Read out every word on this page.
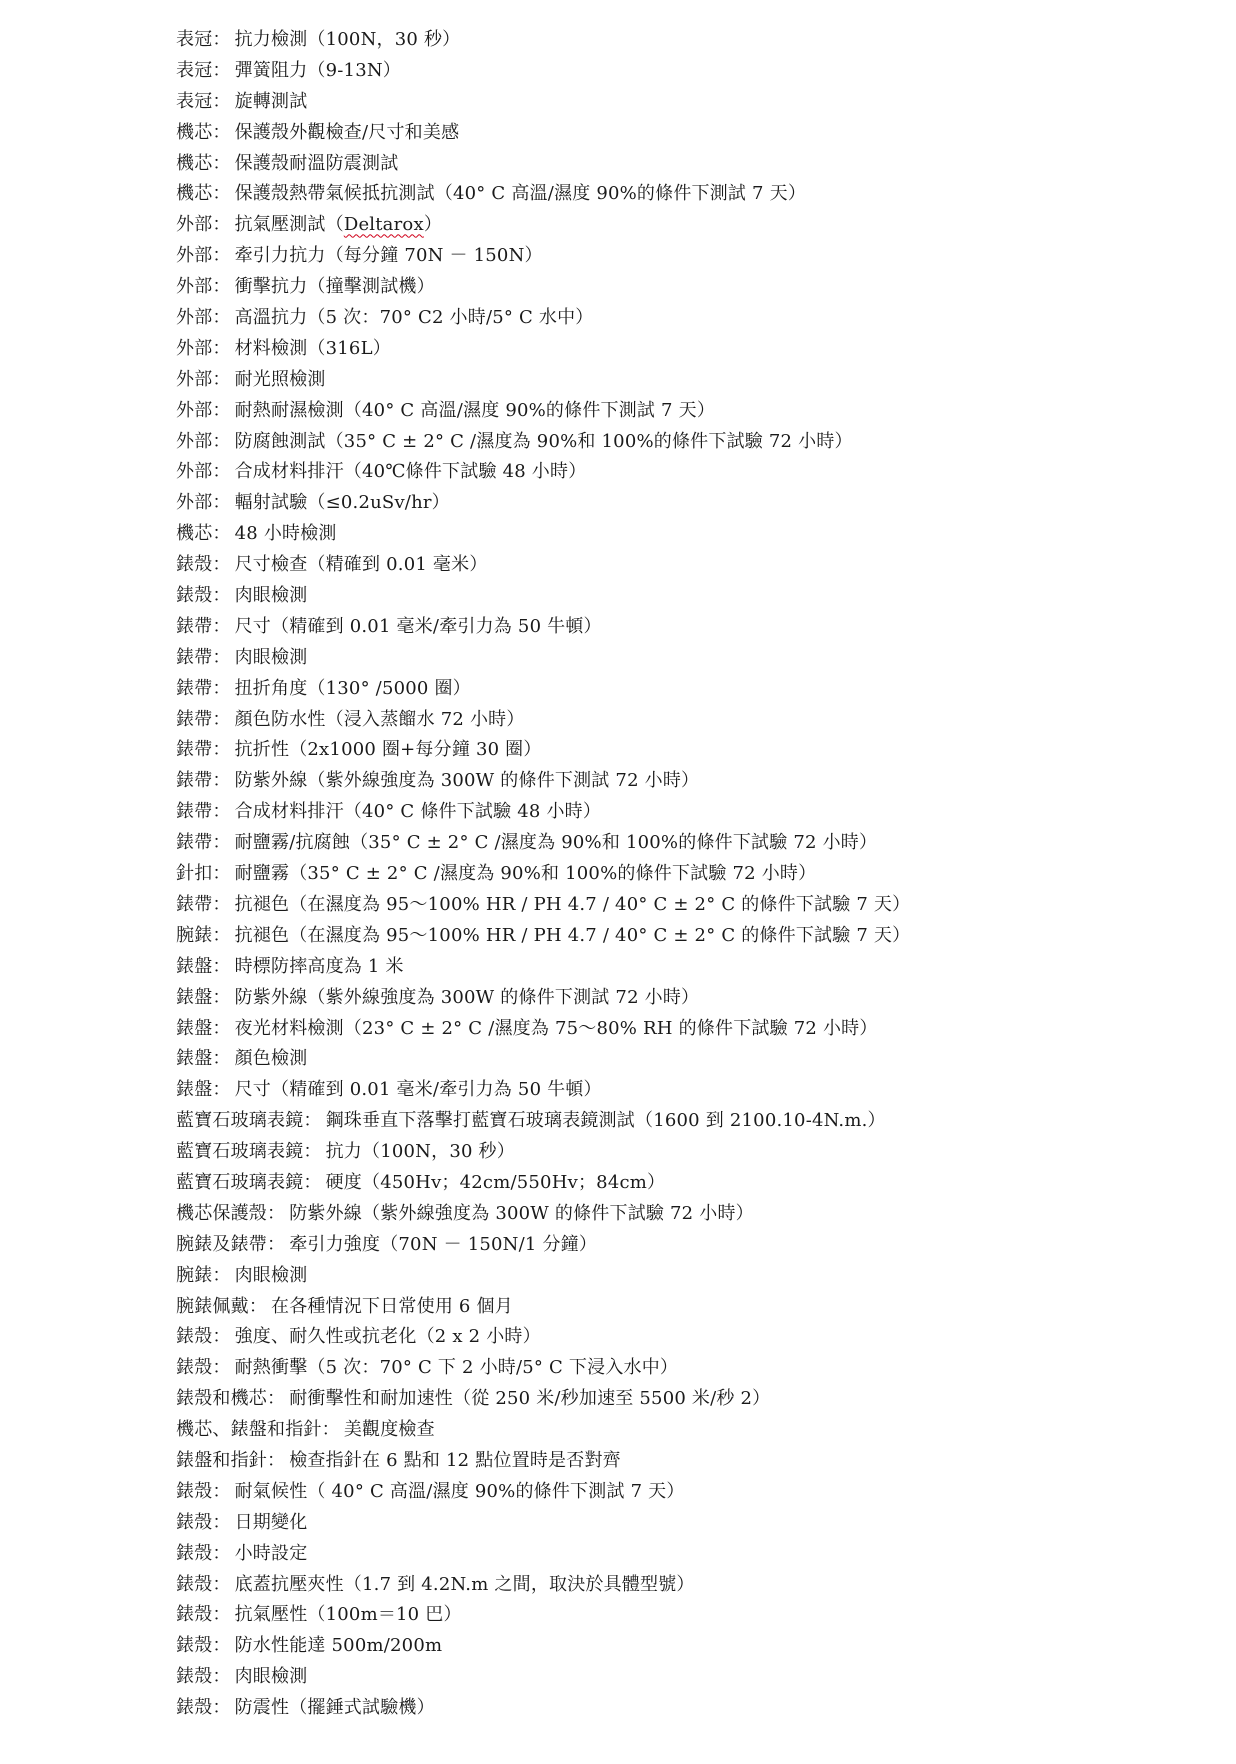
表冠： 抗力檢測（100N，30 秒）
表冠： 彈簧阻力（9-13N）
表冠： 旋轉測試
機芯： 保護殼外觀檢查/尺寸和美感
機芯： 保護殼耐溫防震測試
機芯： 保護殼熱帶氣候抵抗測試（40° C 高溫/濕度 90%的條件下測試 7 天）
外部： 抗氣壓測試（Deltarox）
外部： 牽引力抗力（每分鐘 70N － 150N）
外部： 衝擊抗力（撞擊測試機）
外部： 高溫抗力（5 次：70° C2 小時/5° C 水中）
外部： 材料檢測（316L）
外部： 耐光照檢測
外部： 耐熱耐濕檢測（40° C 高溫/濕度 90%的條件下測試 7 天）
外部： 防腐蝕測試（35° C ± 2° C /濕度為 90%和 100%的條件下試驗 72 小時）
外部： 合成材料排汗（40℃條件下試驗 48 小時）
外部： 輻射試驗（≤0.2uSv/hr）
機芯： 48 小時檢測
錶殼： 尺寸檢查（精確到 0.01 毫米）
錶殼： 肉眼檢測
錶帶： 尺寸（精確到 0.01 毫米/牽引力為 50 牛頓）
錶帶： 肉眼檢測
錶帶： 扭折角度（130° /5000 圈）
錶帶： 顏色防水性（浸入蒸餾水 72 小時）
錶帶： 抗折性（2x1000 圈+每分鐘 30 圈）
錶帶： 防紫外線（紫外線強度為 300W 的條件下測試 72 小時）
錶帶： 合成材料排汗（40° C 條件下試驗 48 小時）
錶帶： 耐鹽霧/抗腐蝕（35° C ± 2° C /濕度為 90%和 100%的條件下試驗 72 小時）
針扣： 耐鹽霧（35° C ± 2° C /濕度為 90%和 100%的條件下試驗 72 小時）
錶帶： 抗褪色（在濕度為 95～100% HR / PH 4.7 / 40° C ± 2° C 的條件下試驗 7 天）
腕錶： 抗褪色（在濕度為 95～100% HR / PH 4.7 / 40° C ± 2° C 的條件下試驗 7 天）
錶盤： 時標防摔高度為 1 米
錶盤： 防紫外線（紫外線強度為 300W 的條件下測試 72 小時）
錶盤： 夜光材料檢測（23° C ± 2° C /濕度為 75～80% RH 的條件下試驗 72 小時）
錶盤： 顏色檢測
錶盤： 尺寸（精確到 0.01 毫米/牽引力為 50 牛頓）
藍寶石玻璃表鏡： 鋼珠垂直下落擊打藍寶石玻璃表鏡測試（1600 到 2100.10-4N.m.）
藍寶石玻璃表鏡： 抗力（100N，30 秒）
藍寶石玻璃表鏡： 硬度（450Hv；42cm/550Hv；84cm）
機芯保護殼： 防紫外線（紫外線強度為 300W 的條件下試驗 72 小時）
腕錶及錶帶： 牽引力強度（70N － 150N/1 分鐘）
腕錶： 肉眼檢測
腕錶佩戴： 在各種情況下日常使用 6 個月
錶殼： 強度、耐久性或抗老化（2 x 2 小時）
錶殼： 耐熱衝擊（5 次：70° C 下 2 小時/5° C 下浸入水中）
錶殼和機芯： 耐衝擊性和耐加速性（從 250 米/秒加速至 5500 米/秒 2）
機芯、錶盤和指針： 美觀度檢查
錶盤和指針： 檢查指針在 6 點和 12 點位置時是否對齊
錶殼： 耐氣候性（ 40° C 高溫/濕度 90%的條件下測試 7 天）
錶殼： 日期變化
錶殼： 小時設定
錶殼： 底蓋抗壓夾性（1.7 到 4.2N.m 之間，取決於具體型號）
錶殼： 抗氣壓性（100m＝10 巴）
錶殼： 防水性能達 500m/200m
錶殼： 肉眼檢測
錶殼： 防震性（擺錘式試驗機）
